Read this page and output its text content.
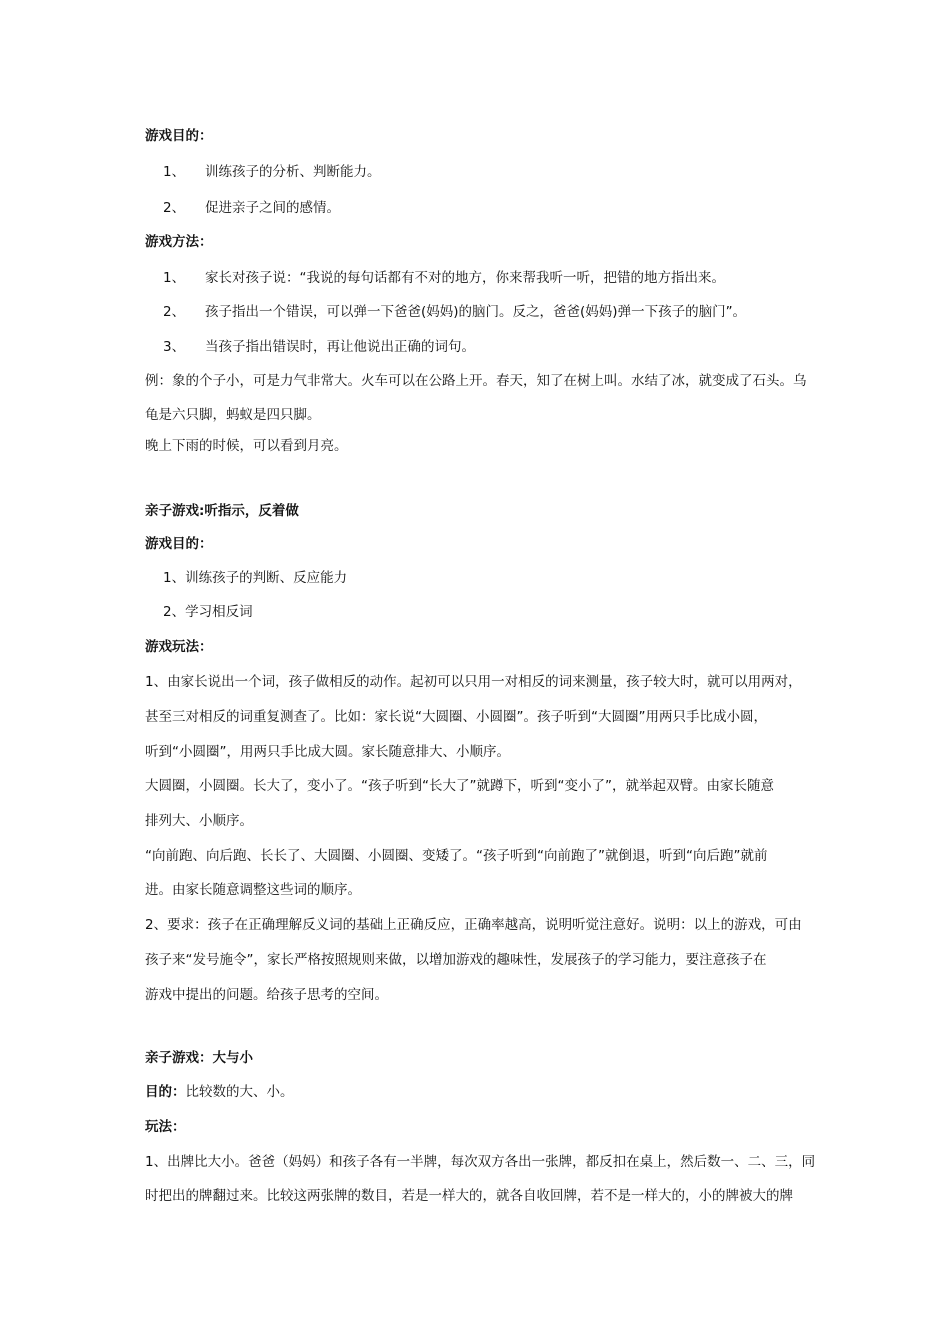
游戏目的：
1、 训练孩子的分析、判断能力。
2、 促进亲子之间的感情。
游戏方法：
1、 家长对孩子说：“我说的每句话都有不对的地方，你来帮我听一听，把错的地方指出来。
2、 孩子指出一个错误，可以弹一下爸爸(妈妈)的脑门。反之，爸爸(妈妈)弹一下孩子的脑门”。
3、 当孩子指出错误时，再让他说出正确的词句。
例：象的个子小，可是力气非常大。火车可以在公路上开。春天，知了在树上叫。水结了冰，就变成了石头。乌
龟是六只脚，蚂蚁是四只脚。
晚上下雨的时候，可以看到月亮。
亲子游戏:听指示，反着做
游戏目的：
1、训练孩子的判断、反应能力
2、学习相反词
游戏玩法：
1、由家长说出一个词，孩子做相反的动作。起初可以只用一对相反的词来测量，孩子较大时，就可以用两对，
甚至三对相反的词重复测查了。比如：家长说“大圆圈、小圆圈”。孩子听到“大圆圈”用两只手比成小圆，
听到“小圆圈”，用两只手比成大圆。家长随意排大、小顺序。
大圆圈，小圆圈。长大了，变小了。“孩子听到“长大了”就蹲下，听到“变小了”，就举起双臂。由家长随意
排列大、小顺序。
“向前跑、向后跑、长长了、大圆圈、小圆圈、变矮了。“孩子听到“向前跑了”就倒退，听到“向后跑”就前
进。由家长随意调整这些词的顺序。
2、要求：孩子在正确理解反义词的基础上正确反应，正确率越高，说明听觉注意好。说明：以上的游戏，可由
孩子来“发号施令”，家长严格按照规则来做，以增加游戏的趣味性，发展孩子的学习能力，要注意孩子在
游戏中提出的问题。给孩子思考的空间。
亲子游戏：大与小
目的：比较数的大、小。
玩法：
1、出牌比大小。爸爸（妈妈）和孩子各有一半牌，每次双方各出一张牌，都反扣在桌上，然后数一、二、三，同
时把出的牌翻过来。比较这两张牌的数目，若是一样大的，就各自收回牌，若不是一样大的，小的牌被大的牌
